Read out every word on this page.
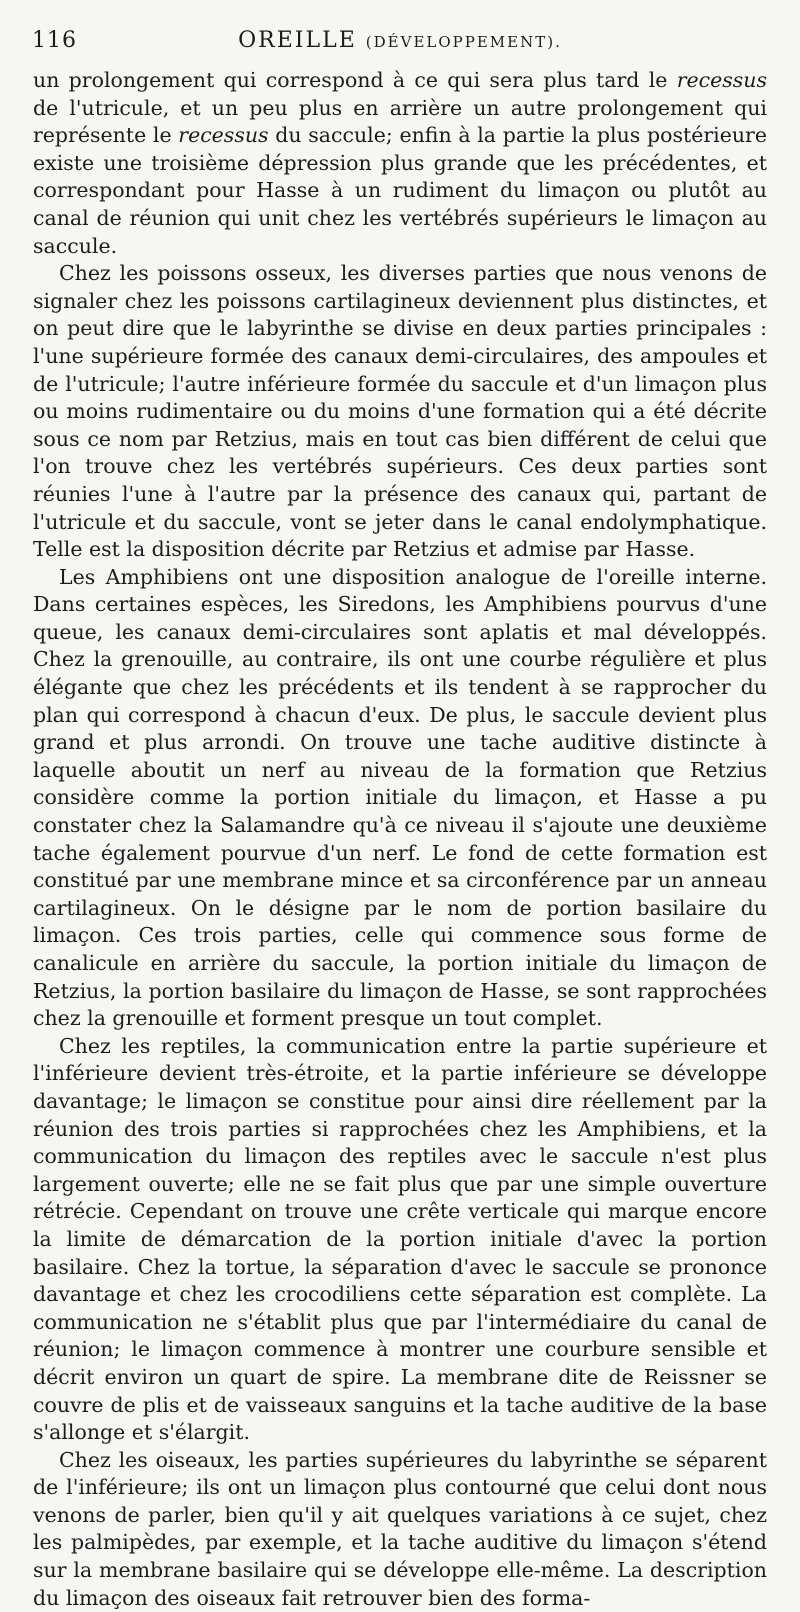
116	OREILLE (DÉVELOPPEMENT).

un prolongement qui correspond à ce qui sera plus tard le recessus de l'utricule, et un peu plus en arrière un autre prolongement qui représente le recessus du saccule; enfin à la partie la plus postérieure existe une troisième dépression plus grande que les précédentes, et correspondant pour Hasse à un rudiment du limaçon ou plutôt au canal de réunion qui unit chez les vertébrés supérieurs le limaçon au saccule.

Chez les poissons osseux, les diverses parties que nous venons de signaler chez les poissons cartilagineux deviennent plus distinctes, et on peut dire que le labyrinthe se divise en deux parties principales : l'une supérieure formée des canaux demi-circulaires, des ampoules et de l'utricule; l'autre inférieure formée du saccule et d'un limaçon plus ou moins rudimentaire ou du moins d'une formation qui a été décrite sous ce nom par Retzius, mais en tout cas bien différent de celui que l'on trouve chez les vertébrés supérieurs. Ces deux parties sont réunies l'une à l'autre par la présence des canaux qui, partant de l'utricule et du saccule, vont se jeter dans le canal endolymphatique. Telle est la disposition décrite par Retzius et admise par Hasse.

Les Amphibiens ont une disposition analogue de l'oreille interne. Dans certaines espèces, les Siredons, les Amphibiens pourvus d'une queue, les canaux demi-circulaires sont aplatis et mal développés. Chez la grenouille, au contraire, ils ont une courbe régulière et plus élégante que chez les précédents et ils tendent à se rapprocher du plan qui correspond à chacun d'eux. De plus, le saccule devient plus grand et plus arrondi. On trouve une tache auditive distincte à laquelle aboutit un nerf au niveau de la formation que Retzius considère comme la portion initiale du limaçon, et Hasse a pu constater chez la Salamandre qu'à ce niveau il s'ajoute une deuxième tache également pourvue d'un nerf. Le fond de cette formation est constitué par une membrane mince et sa circonférence par un anneau cartilagineux. On le désigne par le nom de portion basilaire du limaçon. Ces trois parties, celle qui commence sous forme de canalicule en arrière du saccule, la portion initiale du limaçon de Retzius, la portion basilaire du limaçon de Hasse, se sont rapprochées chez la grenouille et forment presque un tout complet.

Chez les reptiles, la communication entre la partie supérieure et l'inférieure devient très-étroite, et la partie inférieure se développe davantage; le limaçon se constitue pour ainsi dire réellement par la réunion des trois parties si rapprochées chez les Amphibiens, et la communication du limaçon des reptiles avec le saccule n'est plus largement ouverte; elle ne se fait plus que par une simple ouverture rétrécie. Cependant on trouve une crête verticale qui marque encore la limite de démarcation de la portion initiale d'avec la portion basilaire. Chez la tortue, la séparation d'avec le saccule se prononce davantage et chez les crocodiliens cette séparation est complète. La communication ne s'établit plus que par l'intermédiaire du canal de réunion; le limaçon commence à montrer une courbure sensible et décrit environ un quart de spire. La membrane dite de Reissner se couvre de plis et de vaisseaux sanguins et la tache auditive de la base s'allonge et s'élargit.

Chez les oiseaux, les parties supérieures du labyrinthe se séparent de l'inférieure; ils ont un limaçon plus contourné que celui dont nous venons de parler, bien qu'il y ait quelques variations à ce sujet, chez les palmipèdes, par exemple, et la tache auditive du limaçon s'étend sur la membrane basilaire qui se développe elle-même. La description du limaçon des oiseaux fait retrouver bien des forma-
